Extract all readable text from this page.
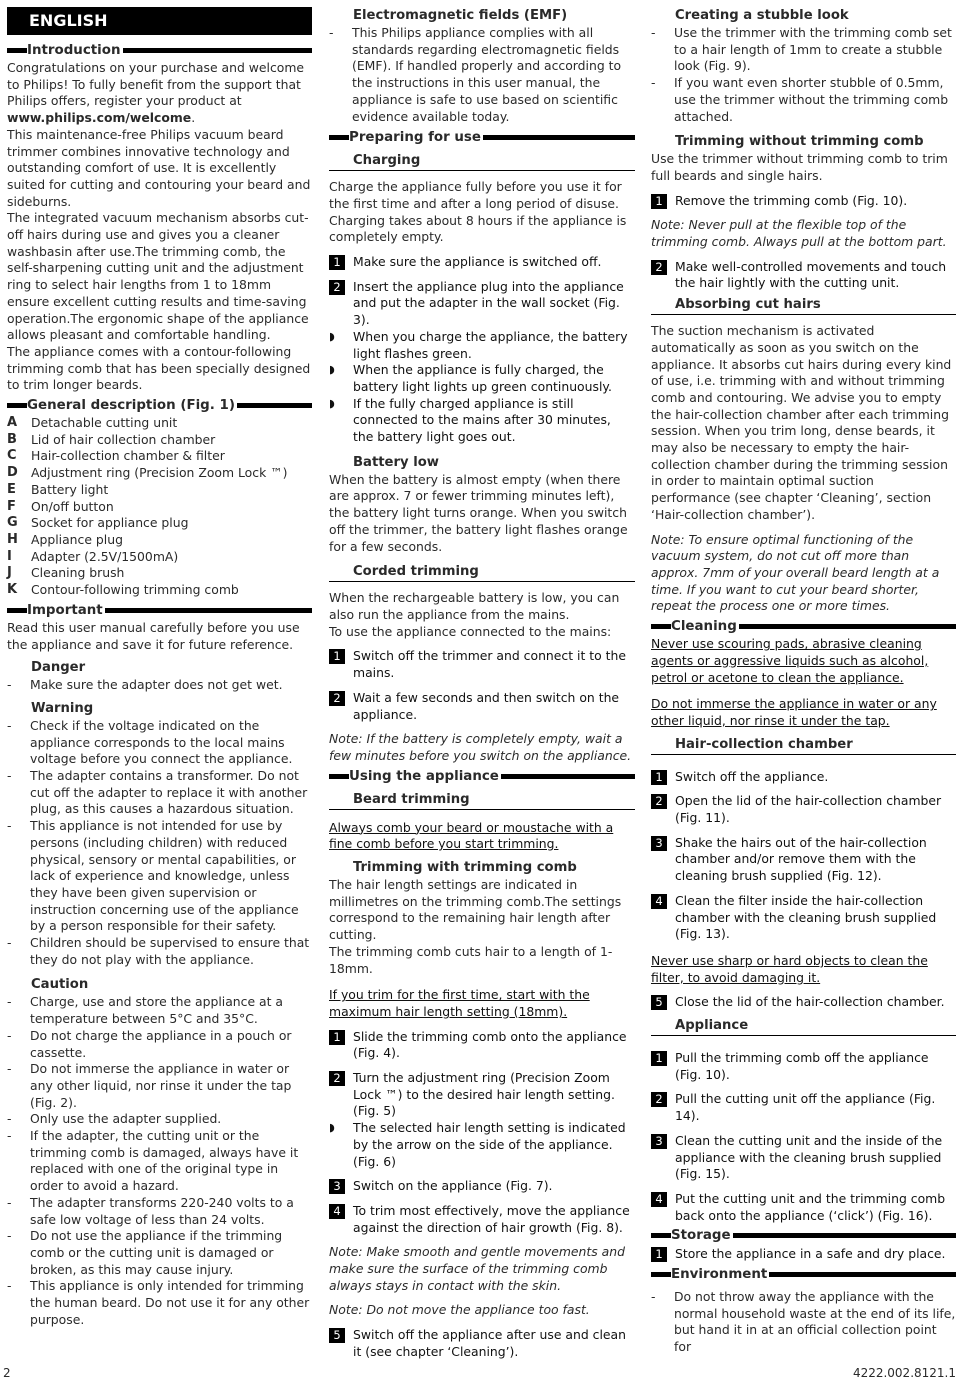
ENGLISH
Introduction
Congratulations on your purchase and welcome to Philips! To fully benefit from the support that Philips offers, register your product at www.philips.com/welcome.
This maintenance-free Philips vacuum beard trimmer combines innovative technology and outstanding comfort of use. It is excellently suited for cutting and contouring your beard and sideburns.
The integrated vacuum mechanism absorbs cut-off hairs during use and gives you a cleaner washbasin after use.The trimming comb, the self-sharpening cutting unit and the adjustment ring to select hair lengths from 1 to 18mm ensure excellent cutting results and time-saving operation.The ergonomic shape of the appliance allows pleasant and comfortable handling.
The appliance comes with a contour-following trimming comb that has been specially designed to trim longer beards.
General description (Fig. 1)
A	Detachable cutting unit
B	Lid of hair collection chamber
C	Hair-collection chamber & filter
D	Adjustment ring (Precision Zoom Lock ™)
E	Battery light
F	On/off button
G	Socket for appliance plug
H	Appliance plug
I	Adapter (2.5V/1500mA)
J	Cleaning brush
K	Contour-following trimming comb
Important
Read this user manual carefully before you use the appliance and save it for future reference.
Danger
-	Make sure the adapter does not get wet.
Warning
-	Check if the voltage indicated on the appliance corresponds to the local mains voltage before you connect the appliance.
-	The adapter contains a transformer. Do not cut off the adapter to replace it with another plug, as this causes a hazardous situation.
-	This appliance is not intended for use by persons (including children) with reduced physical, sensory or mental capabilities, or lack of experience and knowledge, unless they have been given supervision or instruction concerning use of the appliance by a person responsible for their safety.
-	Children should be supervised to ensure that they do not play with the appliance.
Caution
-	Charge, use and store the appliance at a temperature between 5°C and 35°C.
-	Do not charge the appliance in a pouch or cassette.
-	Do not immerse the appliance in water or any other liquid, nor rinse it under the tap (Fig. 2).
-	Only use the adapter supplied.
-	If the adapter, the cutting unit or the trimming comb is damaged, always have it replaced with one of the original type in order to avoid a hazard.
-	The adapter transforms 220-240 volts to a safe low voltage of less than 24 volts.
-	Do not use the appliance if the trimming comb or the cutting unit is damaged or broken, as this may cause injury.
-	This appliance is only intended for trimming the human beard. Do not use it for any other purpose.
Electromagnetic fields (EMF)
-	This Philips appliance complies with all standards regarding electromagnetic fields (EMF). If handled properly and according to the instructions in this user manual, the appliance is safe to use based on scientific evidence available today.
Preparing for use
Charging
Charge the appliance fully before you use it for the first time and after a long period of disuse. Charging takes about 8 hours if the appliance is completely empty.
1 Make sure the appliance is switched off.
2 Insert the appliance plug into the appliance and put the adapter in the wall socket (Fig. 3).
◗	When you charge the appliance, the battery light flashes green.
◗	When the appliance is fully charged, the battery light lights up green continuously.
◗	If the fully charged appliance is still connected to the mains after 30 minutes, the battery light goes out.
Battery low
When the battery is almost empty (when there are approx. 7 or fewer trimming minutes left), the battery light turns orange. When you switch off the trimmer, the battery light flashes orange for a few seconds.
Corded trimming
When the rechargeable battery is low, you can also run the appliance from the mains.
To use the appliance connected to the mains:
1 Switch off the trimmer and connect it to the mains.
2 Wait a few seconds and then switch on the appliance.
Note: If the battery is completely empty, wait a few minutes before you switch on the appliance.
Using the appliance
Beard trimming
Always comb your beard or moustache with a fine comb before you start trimming.
Trimming with trimming comb
The hair length settings are indicated in millimetres on the trimming comb.The settings correspond to the remaining hair length after cutting.
The trimming comb cuts hair to a length of 1-18mm.
If you trim for the first time, start with the maximum hair length setting (18mm).
1 Slide the trimming comb onto the appliance (Fig. 4).
2 Turn the adjustment ring (Precision Zoom Lock ™) to the desired hair length setting. (Fig. 5)
◗	The selected hair length setting is indicated by the arrow on the side of the appliance. (Fig. 6)
3 Switch on the appliance (Fig. 7).
4 To trim most effectively, move the appliance against the direction of hair growth (Fig. 8).
Note: Make smooth and gentle movements and make sure the surface of the trimming comb always stays in contact with the skin.
Note: Do not move the appliance too fast.
5 Switch off the appliance after use and clean it (see chapter ‘Cleaning’).
Creating a stubble look
-	Use the trimmer with the trimming comb set to a hair length of 1mm to create a stubble look (Fig. 9).
-	If you want even shorter stubble of 0.5mm, use the trimmer without the trimming comb attached.
Trimming without trimming comb
Use the trimmer without trimming comb to trim full beards and single hairs.
1 Remove the trimming comb (Fig. 10).
Note: Never pull at the flexible top of the trimming comb. Always pull at the bottom part.
2 Make well-controlled movements and touch the hair lightly with the cutting unit.
Absorbing cut hairs
The suction mechanism is activated automatically as soon as you switch on the appliance. It absorbs cut hairs during every kind of use, i.e. trimming with and without trimming comb and contouring. We advise you to empty the hair-collection chamber after each trimming session. When you trim long, dense beards, it may also be necessary to empty the hair-collection chamber during the trimming session in order to maintain optimal suction performance (see chapter ‘Cleaning’, section ‘Hair-collection chamber’).
Note: To ensure optimal functioning of the vacuum system, do not cut off more than approx. 7mm of your overall beard length at a time. If you want to cut your beard shorter, repeat the process one or more times.
Cleaning
Never use scouring pads, abrasive cleaning agents or aggressive liquids such as alcohol, petrol or acetone to clean the appliance.
Do not immerse the appliance in water or any other liquid, nor rinse it under the tap.
Hair-collection chamber
1 Switch off the appliance.
2 Open the lid of the hair-collection chamber (Fig. 11).
3 Shake the hairs out of the hair-collection chamber and/or remove them with the cleaning brush supplied (Fig. 12).
4 Clean the filter inside the hair-collection chamber with the cleaning brush supplied (Fig. 13).
Never use sharp or hard objects to clean the filter, to avoid damaging it.
5 Close the lid of the hair-collection chamber.
Appliance
1 Pull the trimming comb off the appliance (Fig. 10).
2 Pull the cutting unit off the appliance (Fig. 14).
3 Clean the cutting unit and the inside of the appliance with the cleaning brush supplied (Fig. 15).
4 Put the cutting unit and the trimming comb back onto the appliance (‘click’) (Fig. 16).
Storage
1 Store the appliance in a safe and dry place.
Environment
-	Do not throw away the appliance with the normal household waste at the end of its life, but hand it in at an official collection point for
2	4222.002.8121.1
